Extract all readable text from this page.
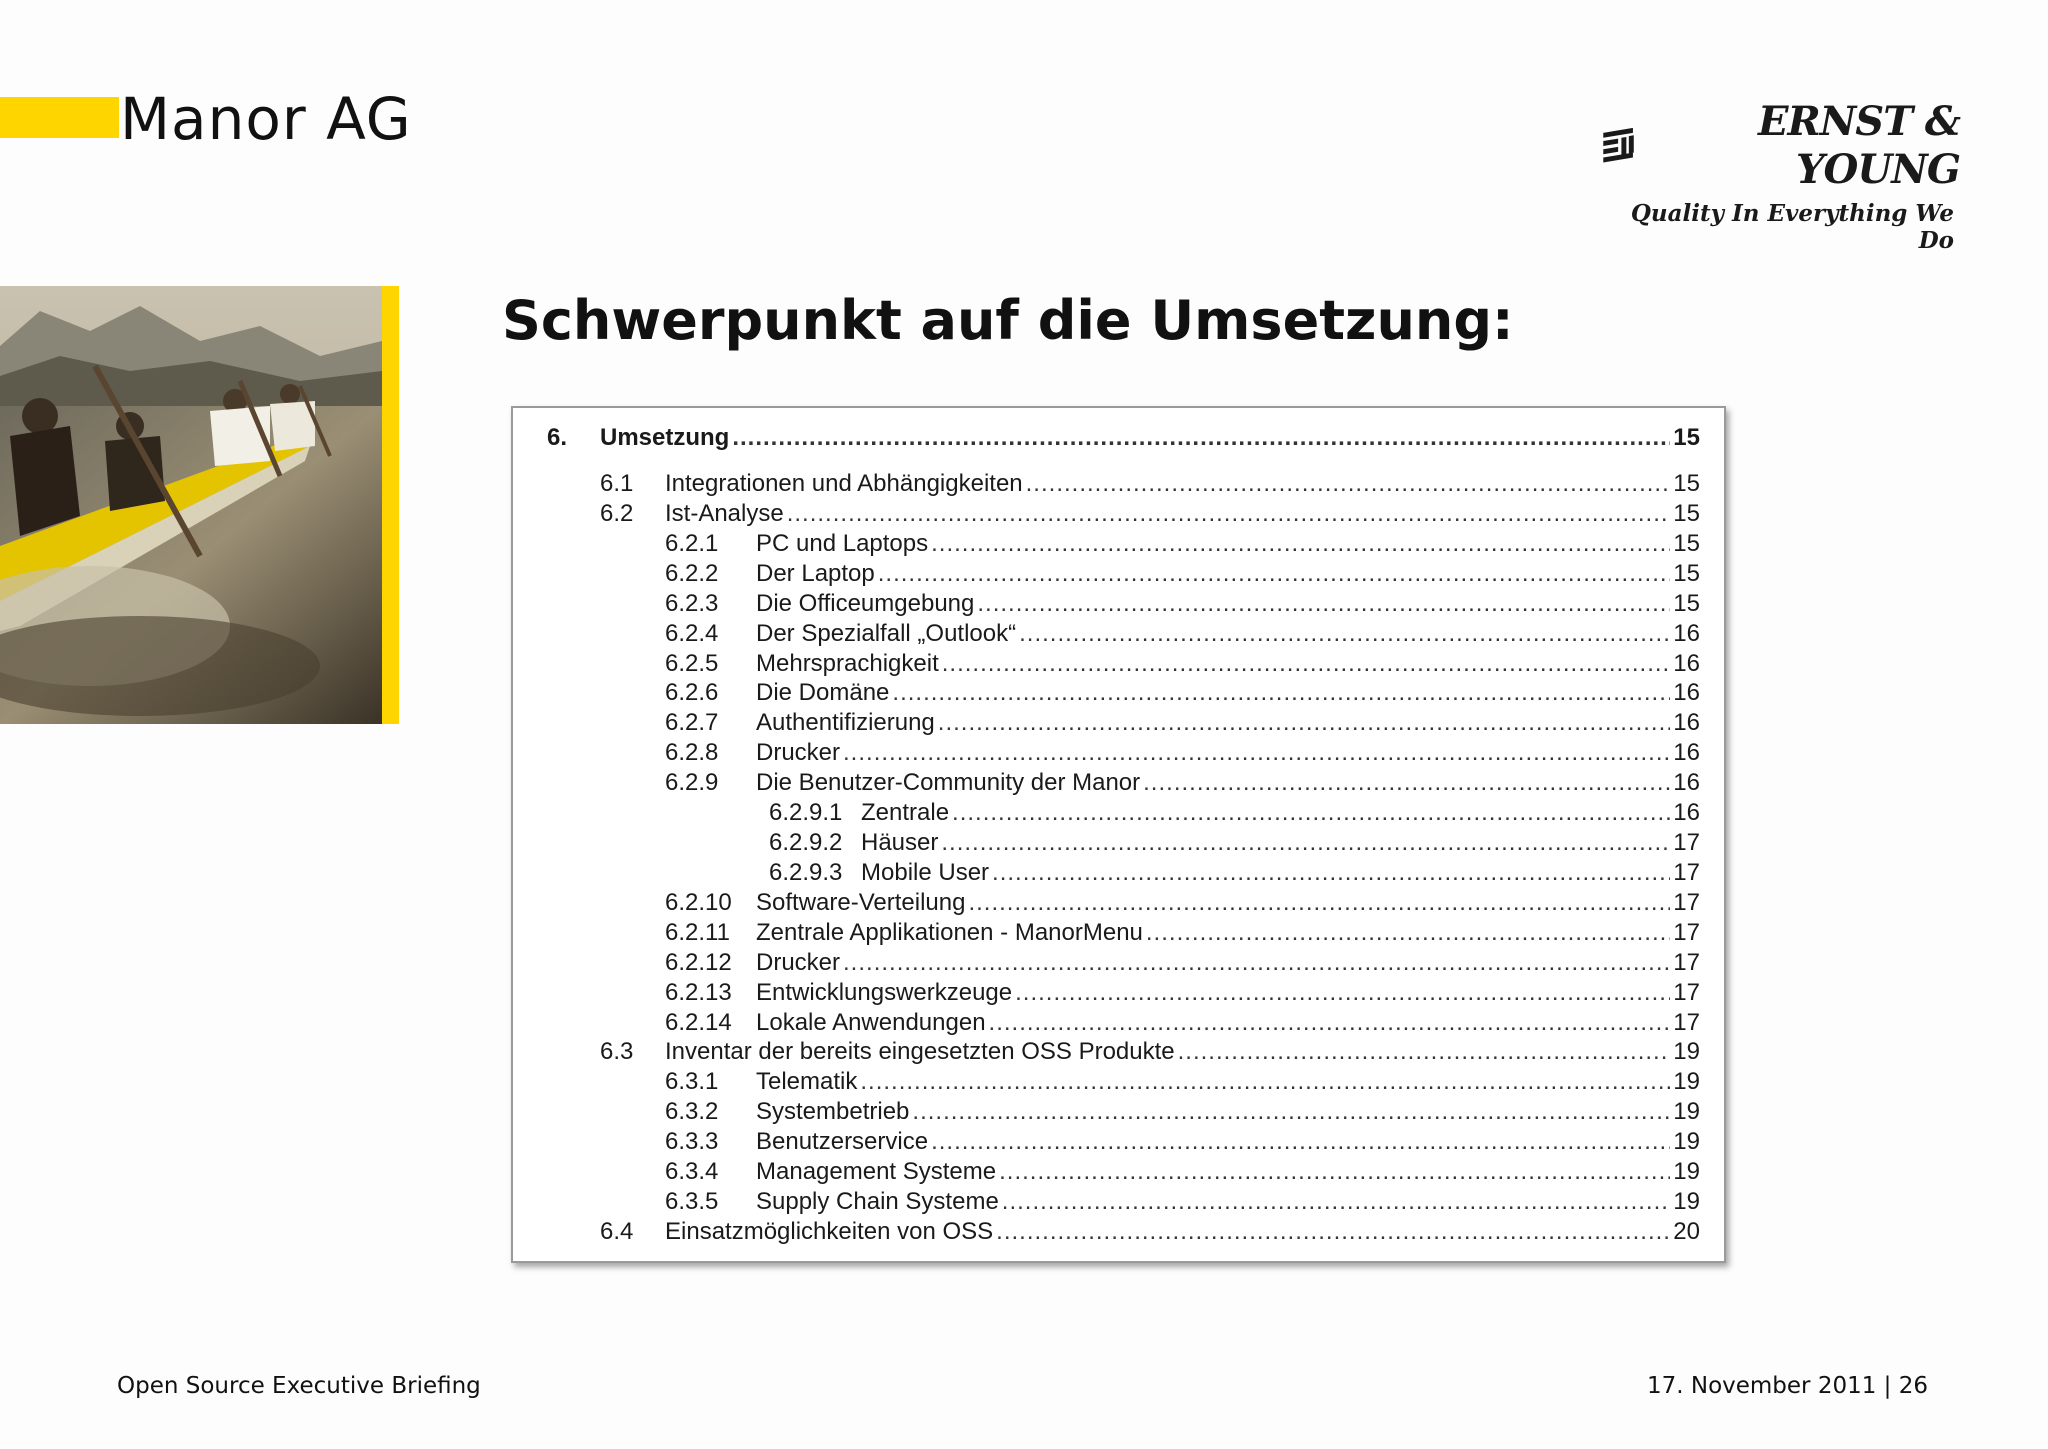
Manor AG	ERNST & YOUNG
Quality In Everything We Do
Schwerpunkt auf die Umsetzung:
6.	Umsetzung .....	15
6.1	Integrationen und Abhängigkeiten .....	15
6.2	Ist-Analyse .....	15
6.2.1	PC und Laptops .....	15
6.2.2	Der Laptop .....	15
6.2.3	Die Officeumgebung .....	15
6.2.4	Der Spezialfall „Outlook“ .....	16
6.2.5	Mehrsprachigkeit .....	16
6.2.6	Die Domäne .....	16
6.2.7	Authentifizierung .....	16
6.2.8	Drucker .....	16
6.2.9	Die Benutzer-Community der Manor .....	16
6.2.9.1 Zentrale .....	16
6.2.9.2 Häuser .....	17
6.2.9.3 Mobile User .....	17
6.2.10	Software-Verteilung .....	17
6.2.11	Zentrale Applikationen - ManorMenu .....	17
6.2.12	Drucker .....	17
6.2.13	Entwicklungswerkzeuge .....	17
6.2.14	Lokale Anwendungen .....	17
6.3	Inventar der bereits eingesetzten OSS Produkte .....	19
6.3.1	Telematik .....	19
6.3.2	Systembetrieb .....	19
6.3.3	Benutzerservice .....	19
6.3.4	Management Systeme .....	19
6.3.5	Supply Chain Systeme .....	19
6.4	Einsatzmöglichkeiten von OSS .....	20
Open Source Executive Briefing	17. November 2011 | 26
